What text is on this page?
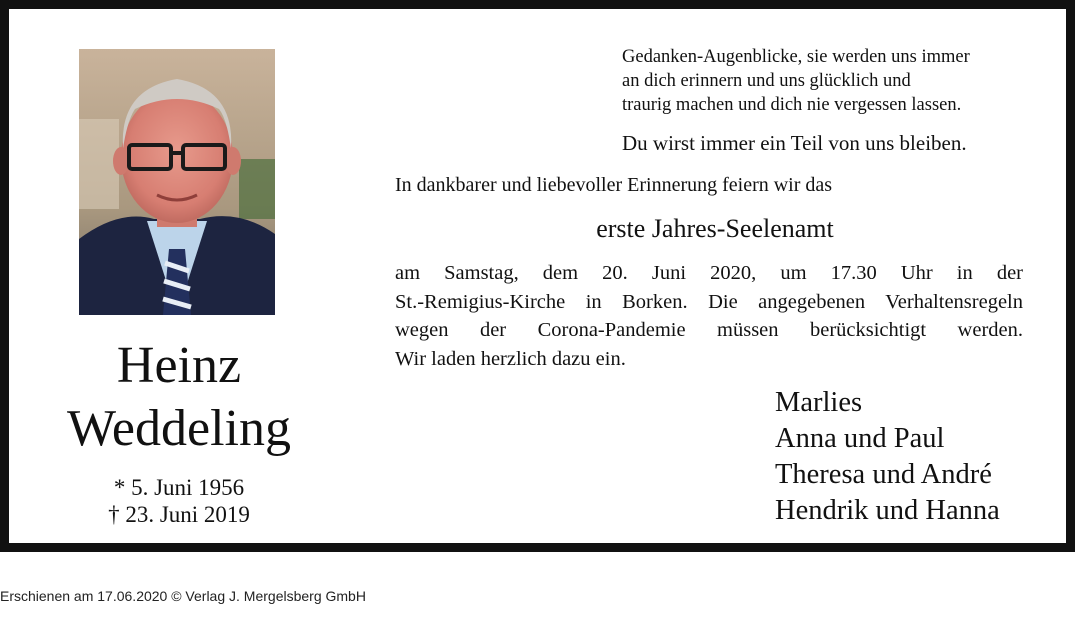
Heinz
Weddeling
* 5. Juni 1956
† 23. Juni 2019
Gedanken-Augenblicke, sie werden uns immer
an dich erinnern und uns glücklich und
traurig machen und dich nie vergessen lassen.
Du wirst immer ein Teil von uns bleiben.
In dankbarer und liebevoller Erinnerung feiern wir das
erste Jahres-Seelenamt
am Samstag, dem 20. Juni 2020, um 17.30 Uhr in der
St.-Remigius-Kirche in Borken. Die angegebenen Verhaltensregeln
wegen der Corona-Pandemie müssen berücksichtigt werden.
Wir laden herzlich dazu ein.
Marlies
Anna und Paul
Theresa und André
Hendrik und Hanna
Erschienen am 17.06.2020 © Verlag J. Mergelsberg GmbH
